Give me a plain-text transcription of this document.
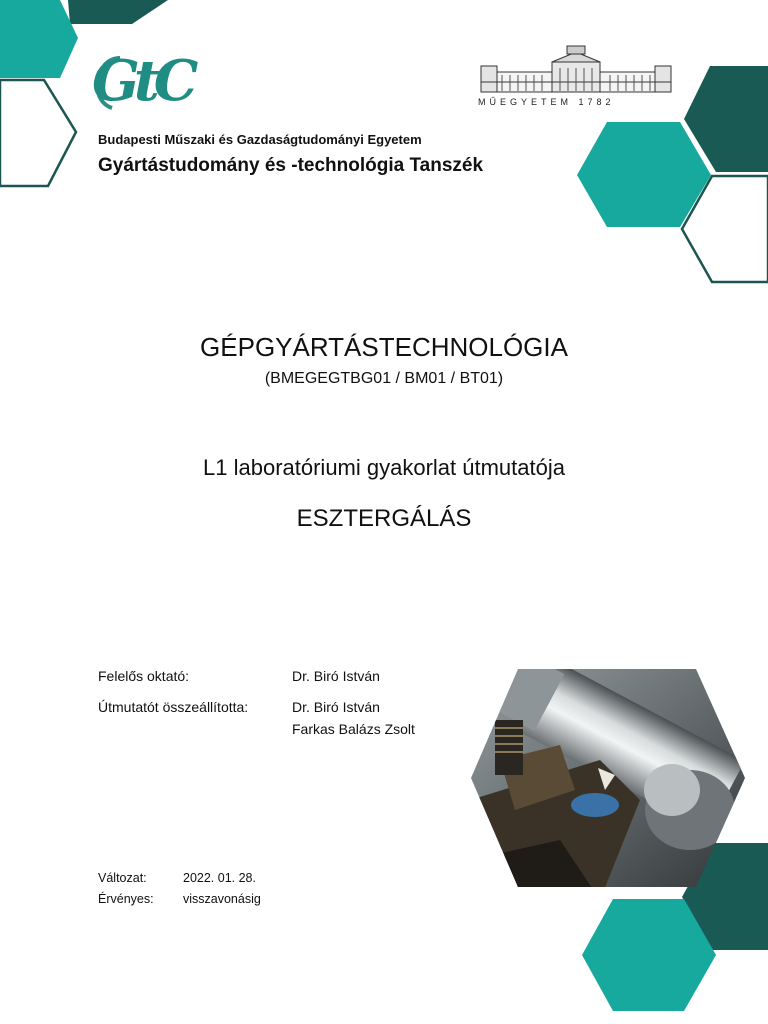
GtC	MŰEGYETEM 1782
Budapesti Műszaki és Gazdaságtudományi Egyetem
Gyártástudomány és -technológia Tanszék
GÉPGYÁRTÁSTECHNOLÓGIA
(BMEGEGTBG01 / BM01 / BT01)
L1 laboratóriumi gyakorlat útmutatója
ESZTERGÁLÁS
Felelős oktató:	Dr. Biró István
Útmutatót összeállította:	Dr. Biró István
Farkas Balázs Zsolt
Változat:	2022. 01. 28.
Érvényes: visszavonásig
